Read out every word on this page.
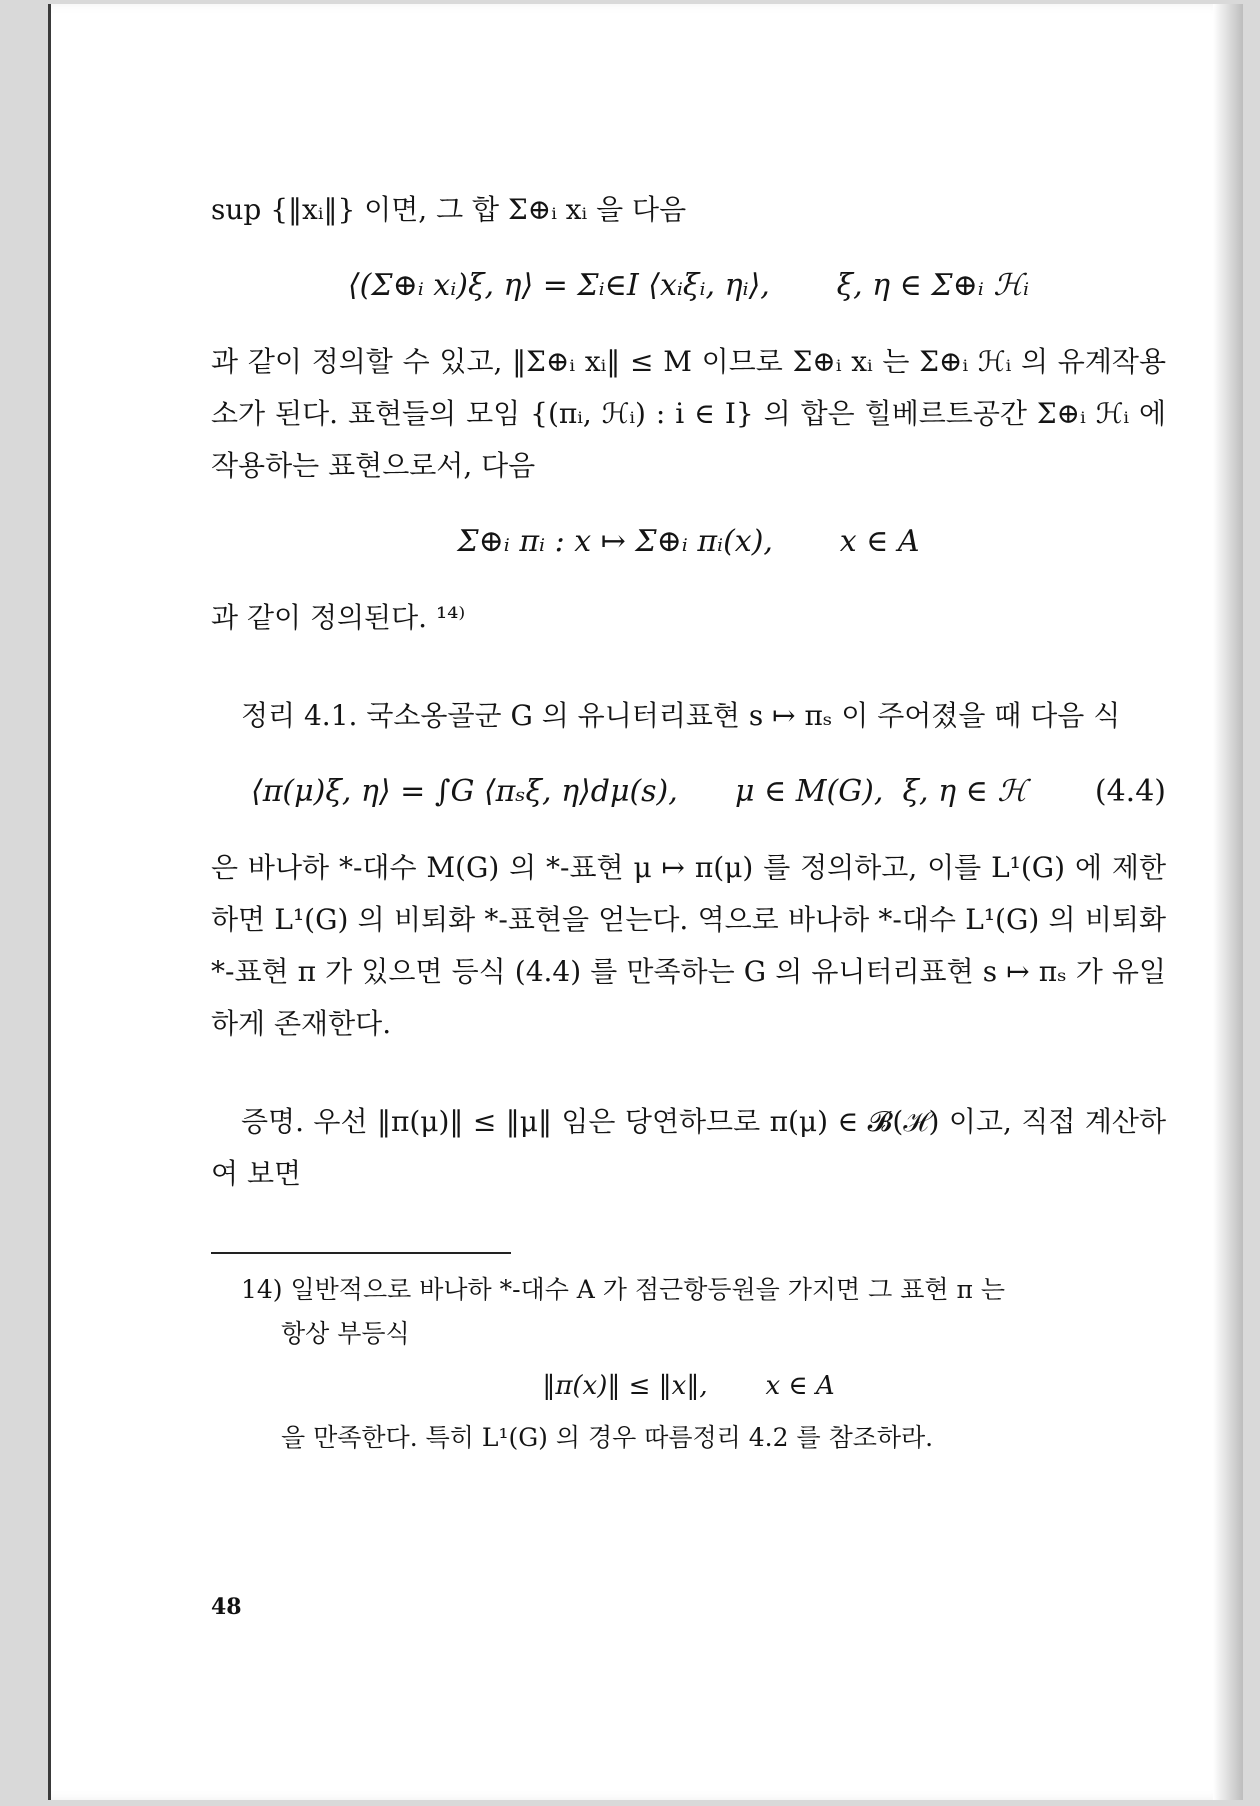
sup {‖xᵢ‖} 이면, 그 합 Σ⊕ᵢ xᵢ 을 다음

⟨(Σ⊕ᵢ xᵢ)ξ, η⟩ = Σᵢ∈I ⟨xᵢξᵢ, ηᵢ⟩,       ξ, η ∈ Σ⊕ᵢ ℋᵢ

과 같이 정의할 수 있고, ‖Σ⊕ᵢ xᵢ‖ ≤ M 이므로 Σ⊕ᵢ xᵢ 는 Σ⊕ᵢ ℋᵢ 의 유계작용소가 된다. 표현들의 모임 {(πᵢ, ℋᵢ) : i ∈ I} 의 합은 힐베르트공간 Σ⊕ᵢ ℋᵢ 에 작용하는 표현으로서, 다음

Σ⊕ᵢ πᵢ : x ↦ Σ⊕ᵢ πᵢ(x),       x ∈ A

과 같이 정의된다. ¹⁴⁾

정리 4.1. 국소옹골군 G 의 유니터리표현 s ↦ πₛ 이 주어졌을 때 다음 식

⟨π(μ)ξ, η⟩ = ∫G ⟨πₛξ, η⟩dμ(s),      μ ∈ M(G),  ξ, η ∈ ℋ (4.4)

은 바나하 *-대수 M(G) 의 *-표현 μ ↦ π(μ) 를 정의하고, 이를 L¹(G) 에 제한하면 L¹(G) 의 비퇴화 *-표현을 얻는다. 역으로 바나하 *-대수 L¹(G) 의 비퇴화 *-표현 π 가 있으면 등식 (4.4) 를 만족하는 G 의 유니터리표현 s ↦ πₛ 가 유일하게 존재한다.

증명. 우선 ‖π(μ)‖ ≤ ‖μ‖ 임은 당연하므로 π(μ) ∈ 𝓑(ℋ) 이고, 직접 계산하여 보면

14) 일반적으로 바나하 *-대수 A 가 점근항등원을 가지면 그 표현 π 는
항상 부등식
‖π(x)‖ ≤ ‖x‖,       x ∈ A
을 만족한다. 특히 L¹(G) 의 경우 따름정리 4.2 를 참조하라.
48
